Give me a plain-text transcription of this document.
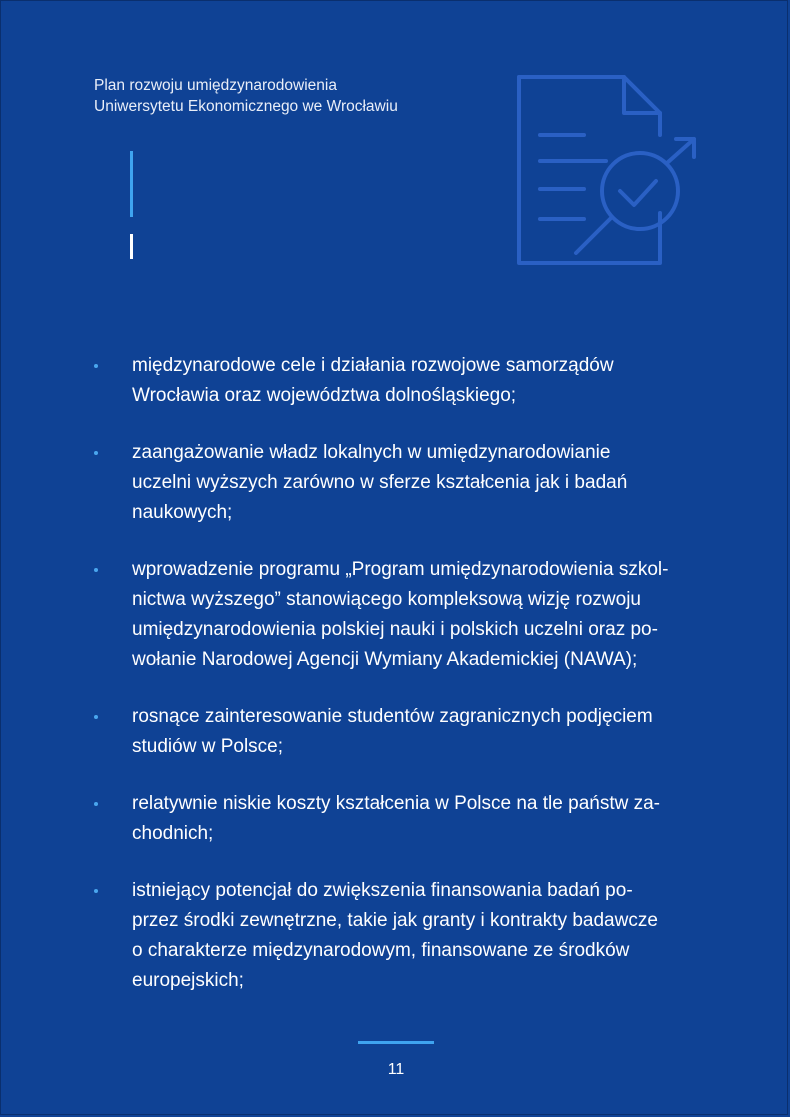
Plan rozwoju umiędzynarodowienia
Uniwersytetu Ekonomicznego we Wrocławiu
międzynarodowe cele i działania rozwojowe samorządów
Wrocławia oraz województwa dolnośląskiego;
zaangażowanie władz lokalnych w umiędzynarodowianie
uczelni wyższych zarówno w sferze kształcenia jak i badań
naukowych;
wprowadzenie programu „Program umiędzynarodowienia szkol-
nictwa wyższego” stanowiącego kompleksową wizję rozwoju
umiędzynarodowienia polskiej nauki i polskich uczelni oraz po-
wołanie Narodowej Agencji Wymiany Akademickiej (NAWA);
rosnące zainteresowanie studentów zagranicznych podjęciem
studiów w Polsce;
relatywnie niskie koszty kształcenia w Polsce na tle państw za-
chodnich;
istniejący potencjał do zwiększenia finansowania badań po-
przez środki zewnętrzne, takie jak granty i kontrakty badawcze
o charakterze międzynarodowym, finansowane ze środków
europejskich;
11
